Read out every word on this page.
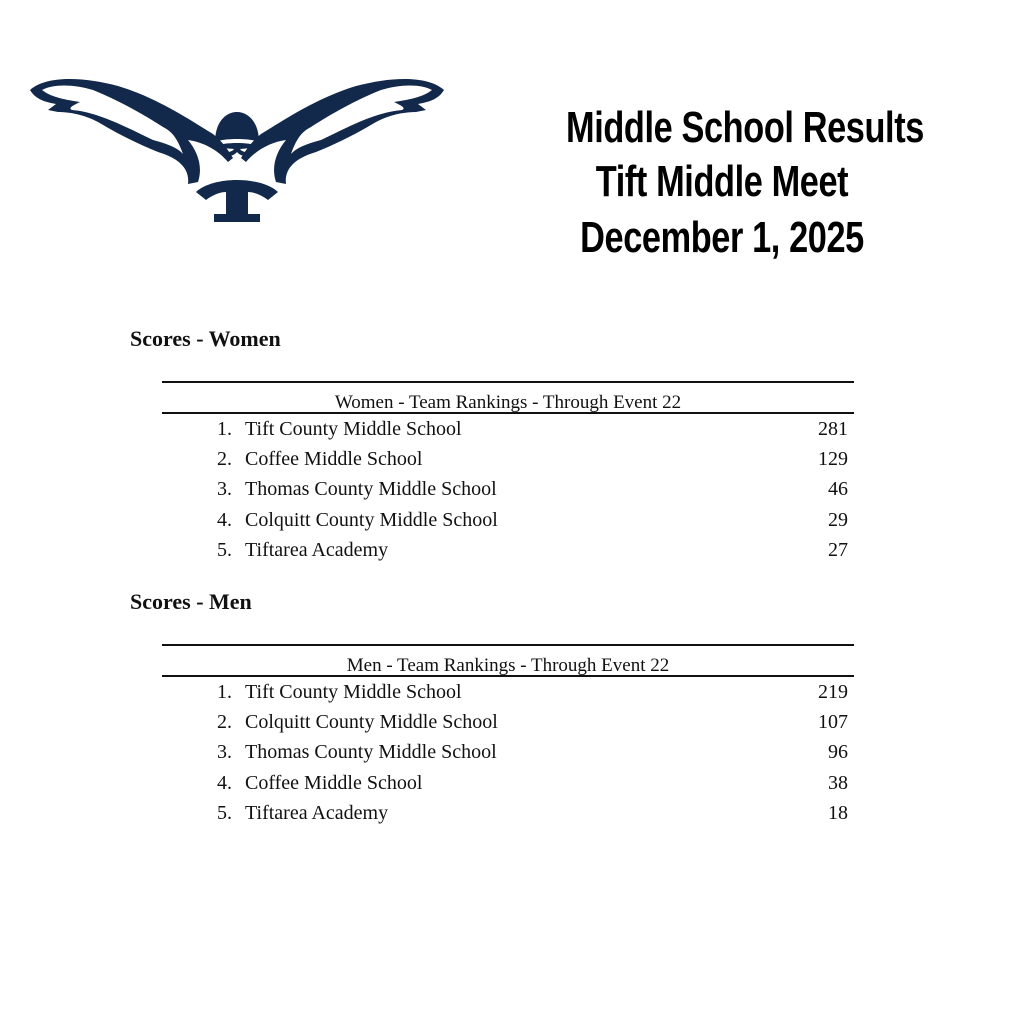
Middle School Results
Tift Middle Meet
December 1, 2025
Scores - Women
Women - Team Rankings - Through Event 22
1. Tift County Middle School	281
2. Coffee Middle School	129
3. Thomas County Middle School	46
4. Colquitt County Middle School	29
5. Tiftarea Academy	27
Scores - Men
Men - Team Rankings - Through Event 22
1. Tift County Middle School	219
2. Colquitt County Middle School	107
3. Thomas County Middle School	96
4. Coffee Middle School	38
5. Tiftarea Academy	18
